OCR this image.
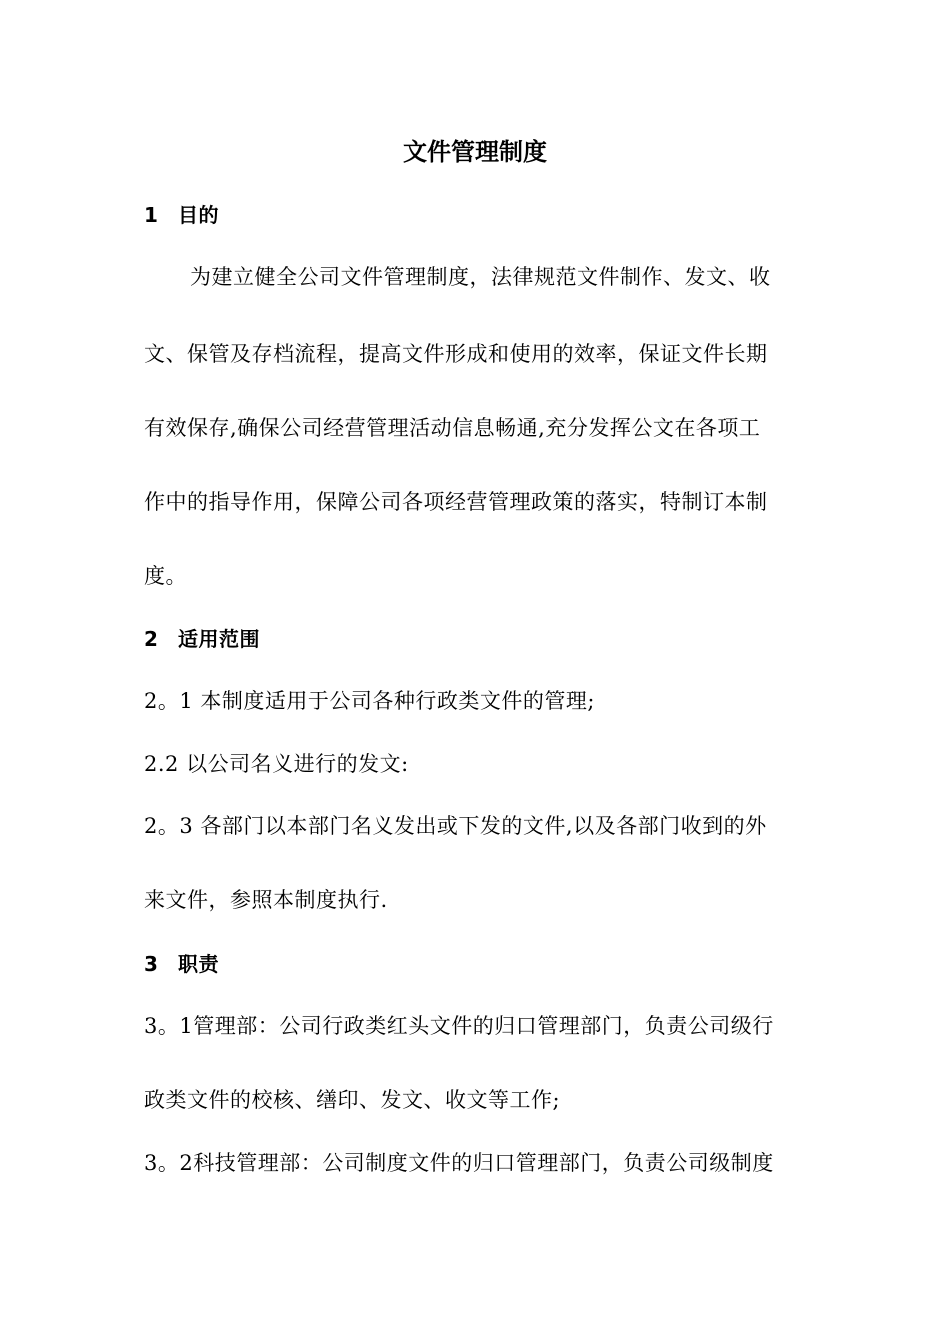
文件管理制度
1 目的
为建立健全公司文件管理制度，法律规范文件制作、发文、收
文、保管及存档流程，提高文件形成和使用的效率，保证文件长期
有效保存,确保公司经营管理活动信息畅通,充分发挥公文在各项工
作中的指导作用，保障公司各项经营管理政策的落实，特制订本制
度。
2 适用范围
2。1 本制度适用于公司各种行政类文件的管理;
2.2 以公司名义进行的发文:
2。3 各部门以本部门名义发出或下发的文件,以及各部门收到的外
来文件，参照本制度执行.
3 职责
3。1管理部：公司行政类红头文件的归口管理部门，负责公司级行
政类文件的校核、缮印、发文、收文等工作;
3。2科技管理部：公司制度文件的归口管理部门，负责公司级制度
